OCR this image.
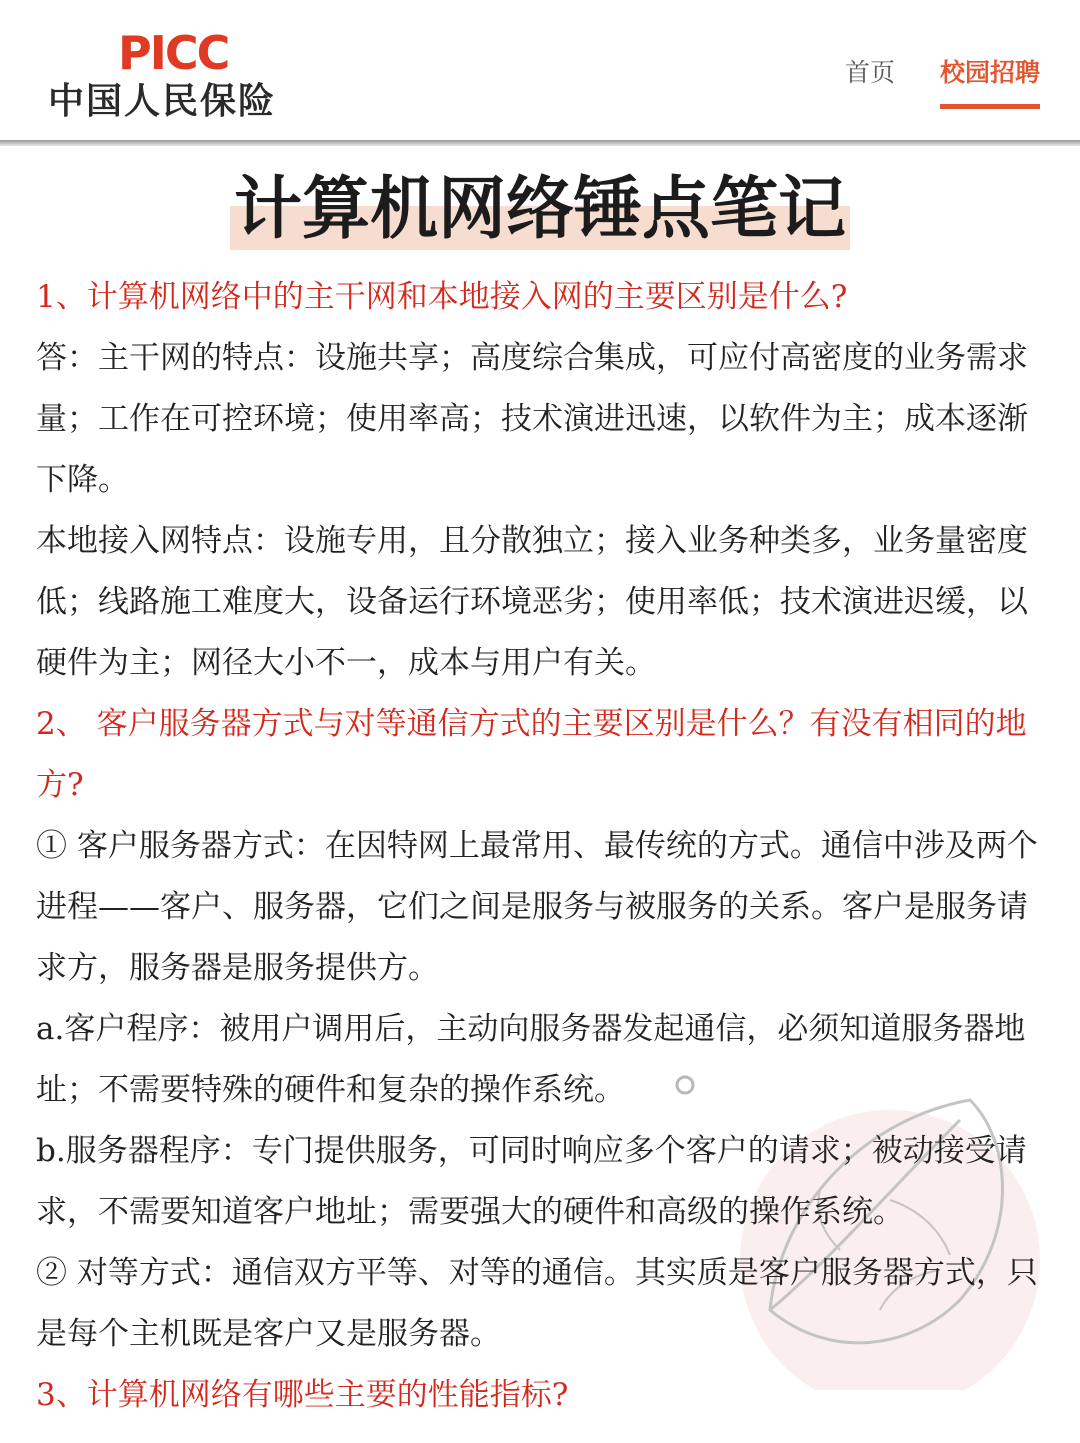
PICC
中国人民保险
首页 校园招聘
计算机网络锤点笔记

1、计算机网络中的主干网和本地接入网的主要区别是什么?

答：主干网的特点：设施共享；高度综合集成，可应付高密度的业务需求量；工作在可控环境；使用率高；技术演进迅速，以软件为主；成本逐渐下降。

本地接入网特点：设施专用，且分散独立；接入业务种类多，业务量密度低；线路施工难度大，设备运行环境恶劣；使用率低；技术演进迟缓，以硬件为主；网径大小不一，成本与用户有关。

2、 客户服务器方式与对等通信方式的主要区别是什么？有没有相同的地方?

① 客户服务器方式：在因特网上最常用、最传统的方式。通信中涉及两个进程——客户、服务器，它们之间是服务与被服务的关系。客户是服务请求方，服务器是服务提供方。

a.客户程序：被用户调用后，主动向服务器发起通信，必须知道服务器地址；不需要特殊的硬件和复杂的操作系统。

b.服务器程序：专门提供服务，可同时响应多个客户的请求；被动接受请求，不需要知道客户地址；需要强大的硬件和高级的操作系统。

② 对等方式：通信双方平等、对等的通信。其实质是客户服务器方式，只是每个主机既是客户又是服务器。

3、计算机网络有哪些主要的性能指标?
